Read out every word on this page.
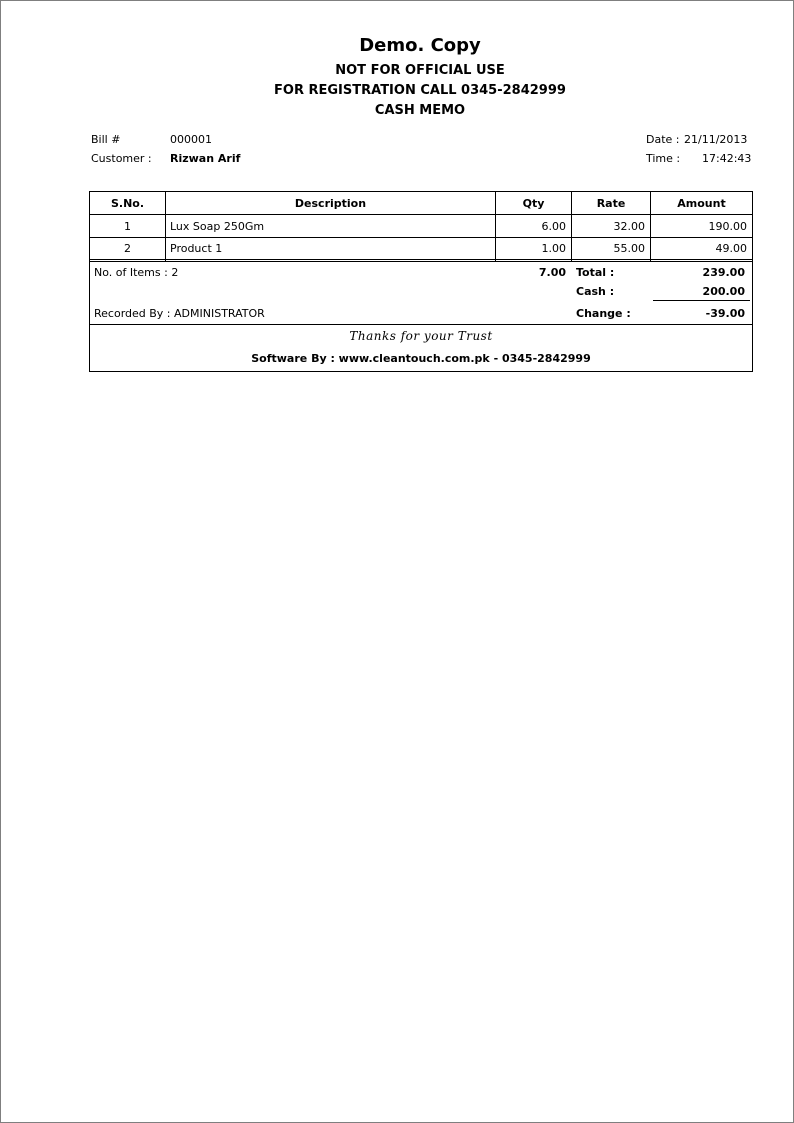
Demo. Copy
NOT FOR OFFICIAL USE
FOR REGISTRATION CALL 0345-2842999
CASH MEMO
Bill #	000001
Customer : Rizwan Arif
Date : 21/11/2013
Time : 17:42:43
S.No.	Description	Qty	Rate	Amount
1	Lux Soap 250Gm	6.00	32.00	190.00
2	Product 1	1.00	55.00	49.00
No. of Items : 2	7.00 Total :	239.00
Cash :	200.00
Recorded By : ADMINISTRATOR	Change :	-39.00
Thanks for your Trust
Software By : www.cleantouch.com.pk - 0345-2842999
